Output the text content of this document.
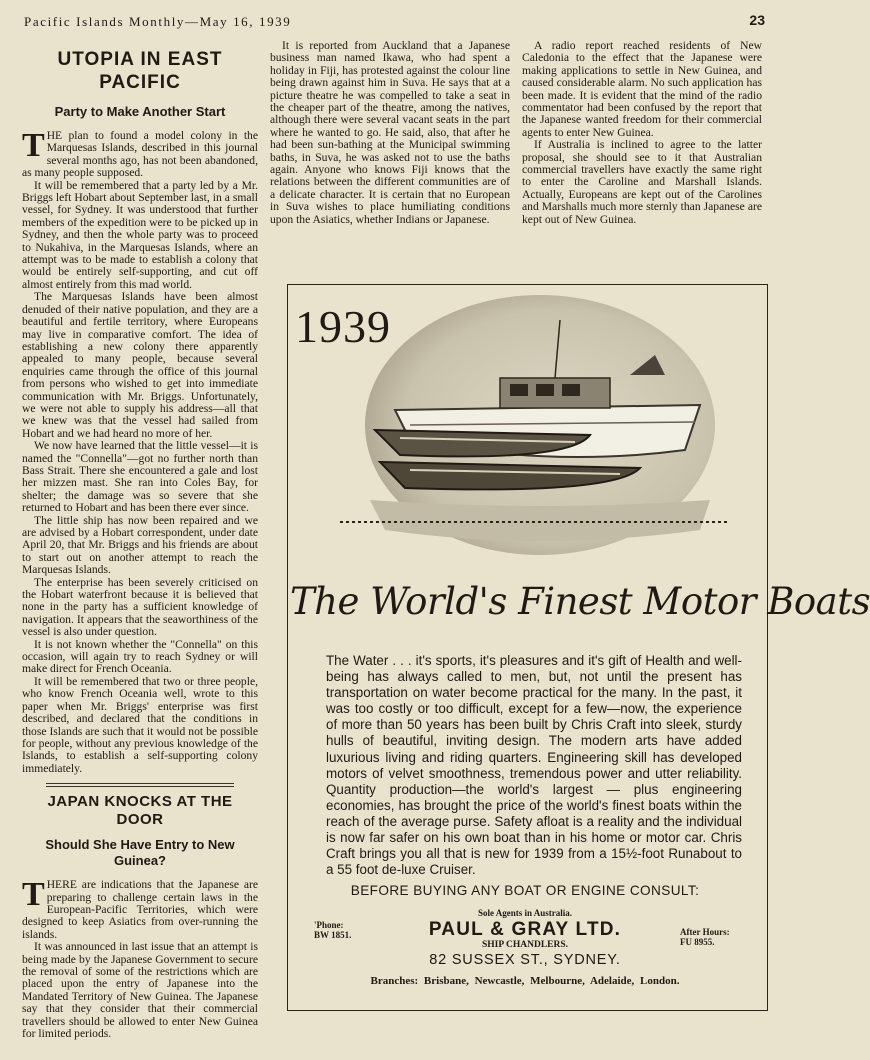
Pacific Islands Monthly—May 16, 1939	23
UTOPIA IN EAST PACIFIC
Party to Make Another Start

THE plan to found a model colony in the Marquesas Islands, described in this journal several months ago, has not been abandoned, as many people supposed.

It will be remembered that a party led by a Mr. Briggs left Hobart about September last, in a small vessel, for Sydney. It was understood that further members of the expedition were to be picked up in Sydney, and then the whole party was to proceed to Nukahiva, in the Marquesas Islands, where an attempt was to be made to establish a colony that would be entirely self-supporting, and cut off almost entirely from this mad world.

The Marquesas Islands have been almost denuded of their native population, and they are a beautiful and fertile territory, where Europeans may live in comparative comfort. The idea of establishing a new colony there apparently appealed to many people, because several enquiries came through the office of this journal from persons who wished to get into immediate communication with Mr. Briggs. Unfortunately, we were not able to supply his address—all that we knew was that the vessel had sailed from Hobart and we had heard no more of her.

We now have learned that the little vessel—it is named the "Connella"—got no further north than Bass Strait. There she encountered a gale and lost her mizzen mast. She ran into Coles Bay, for shelter; the damage was so severe that she returned to Hobart and has been there ever since.

The little ship has now been repaired and we are advised by a Hobart correspondent, under date April 20, that Mr. Briggs and his friends are about to start out on another attempt to reach the Marquesas Islands.

The enterprise has been severely criticised on the Hobart waterfront because it is believed that none in the party has a sufficient knowledge of navigation. It appears that the seaworthiness of the vessel is also under question.

It is not known whether the "Connella" on this occasion, will again try to reach Sydney or will make direct for French Oceania.

It will be remembered that two or three people, who know French Oceania well, wrote to this paper when Mr. Briggs' enterprise was first described, and declared that the conditions in those Islands are such that it would not be possible for people, without any previous knowledge of the Islands, to establish a self-supporting colony immediately.

JAPAN KNOCKS AT THE DOOR
Should She Have Entry to New Guinea?

THERE are indications that the Japanese are preparing to challenge certain laws in the European-Pacific Territories, which were designed to keep Asiatics from over-running the islands.

It was announced in last issue that an attempt is being made by the Japanese Government to secure the removal of some of the restrictions which are placed upon the entry of Japanese into the Mandated Territory of New Guinea. The Japanese say that they consider that their commercial travellers should be allowed to enter New Guinea for limited periods.

It is reported from Auckland that a Japanese business man named Ikawa, who had spent a holiday in Fiji, has protested against the colour line being drawn against him in Suva. He says that at a picture theatre he was compelled to take a seat in the cheaper part of the theatre, among the natives, although there were several vacant seats in the part where he wanted to go. He said, also, that after he had been sun-bathing at the Municipal swimming baths, in Suva, he was asked not to use the baths again. Anyone who knows Fiji knows that the relations between the different communities are of a delicate character. It is certain that no European in Suva wishes to place humiliating conditions upon the Asiatics, whether Indians or Japanese.

A radio report reached residents of New Caledonia to the effect that the Japanese were making applications to settle in New Guinea, and caused considerable alarm. No such application has been made. It is evident that the mind of the radio commentator had been confused by the report that the Japanese wanted freedom for their commercial agents to enter New Guinea.

If Australia is inclined to agree to the latter proposal, she should see to it that Australian commercial travellers have exactly the same right to enter the Caroline and Marshall Islands. Actually, Europeans are kept out of the Carolines and Marshalls much more sternly than Japanese are kept out of New Guinea.

1939
The World's Finest Motor Boats
The Water . . . it's sports, it's pleasures and it's gift of Health and well-being has always called to men, but, not until the present has transportation on water become practical for the many. In the past, it was too costly or too difficult, except for a few—now, the experience of more than 50 years has been built by Chris Craft into sleek, sturdy hulls of beautiful, inviting design. The modern arts have added luxurious living and riding quarters. Engineering skill has developed motors of velvet smoothness, tremendous power and utter reliability. Quantity production—the world's largest — plus engineering economies, has brought the price of the world's finest boats within the reach of the average purse. Safety afloat is a reality and the individual is now far safer on his own boat than in his home or motor car. Chris Craft brings you all that is new for 1939 from a 15½-foot Runabout to a 55 foot de-luxe Cruiser.
BEFORE BUYING ANY BOAT OR ENGINE CONSULT:
Sole Agents in Australia.
PAUL & GRAY LTD.
SHIP CHANDLERS.
82 SUSSEX ST., SYDNEY.
'Phone:
BW 1851.	After Hours:
FU 8955.
Branches: Brisbane, Newcastle, Melbourne, Adelaide, London.
